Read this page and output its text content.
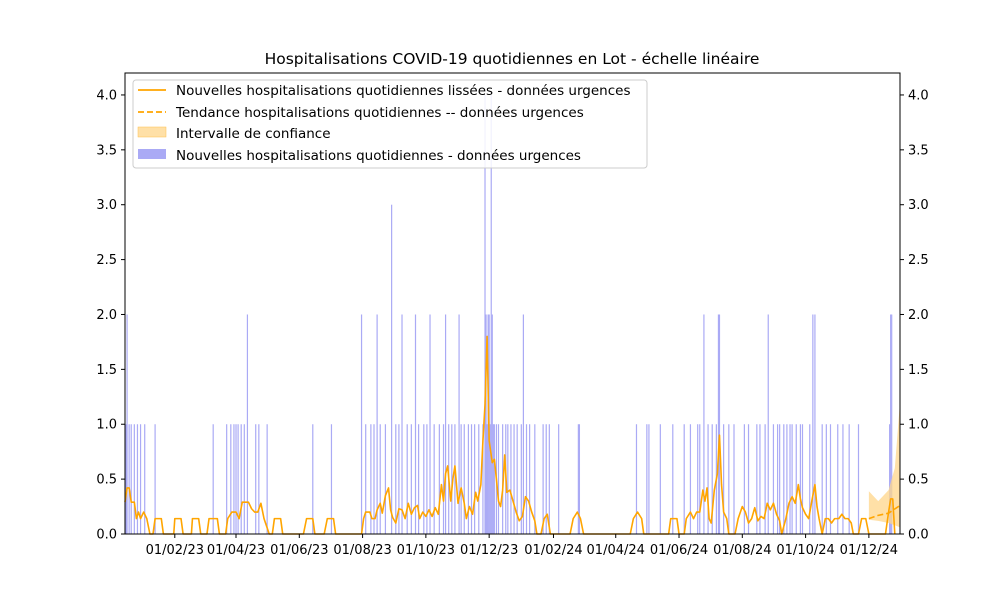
Hospitalisations COVID-19 quotidiennes en Lot - échelle linéaire
0.0
0.5
1.0
1.5
2.0
2.5
3.0
3.5
4.0
0.0
0.5
1.0
1.5
2.0
2.5
3.0
3.5
4.0
01/02/23 01/04/23 01/06/23 01/08/23 01/10/23 01/12/23 01/02/24 01/04/24 01/06/24 01/08/24 01/10/24 01/12/24
Nouvelles hospitalisations quotidiennes lissées - données urgences
Tendance hospitalisations quotidiennes -- données urgences
Intervalle de confiance
Nouvelles hospitalisations quotidiennes - données urgences
